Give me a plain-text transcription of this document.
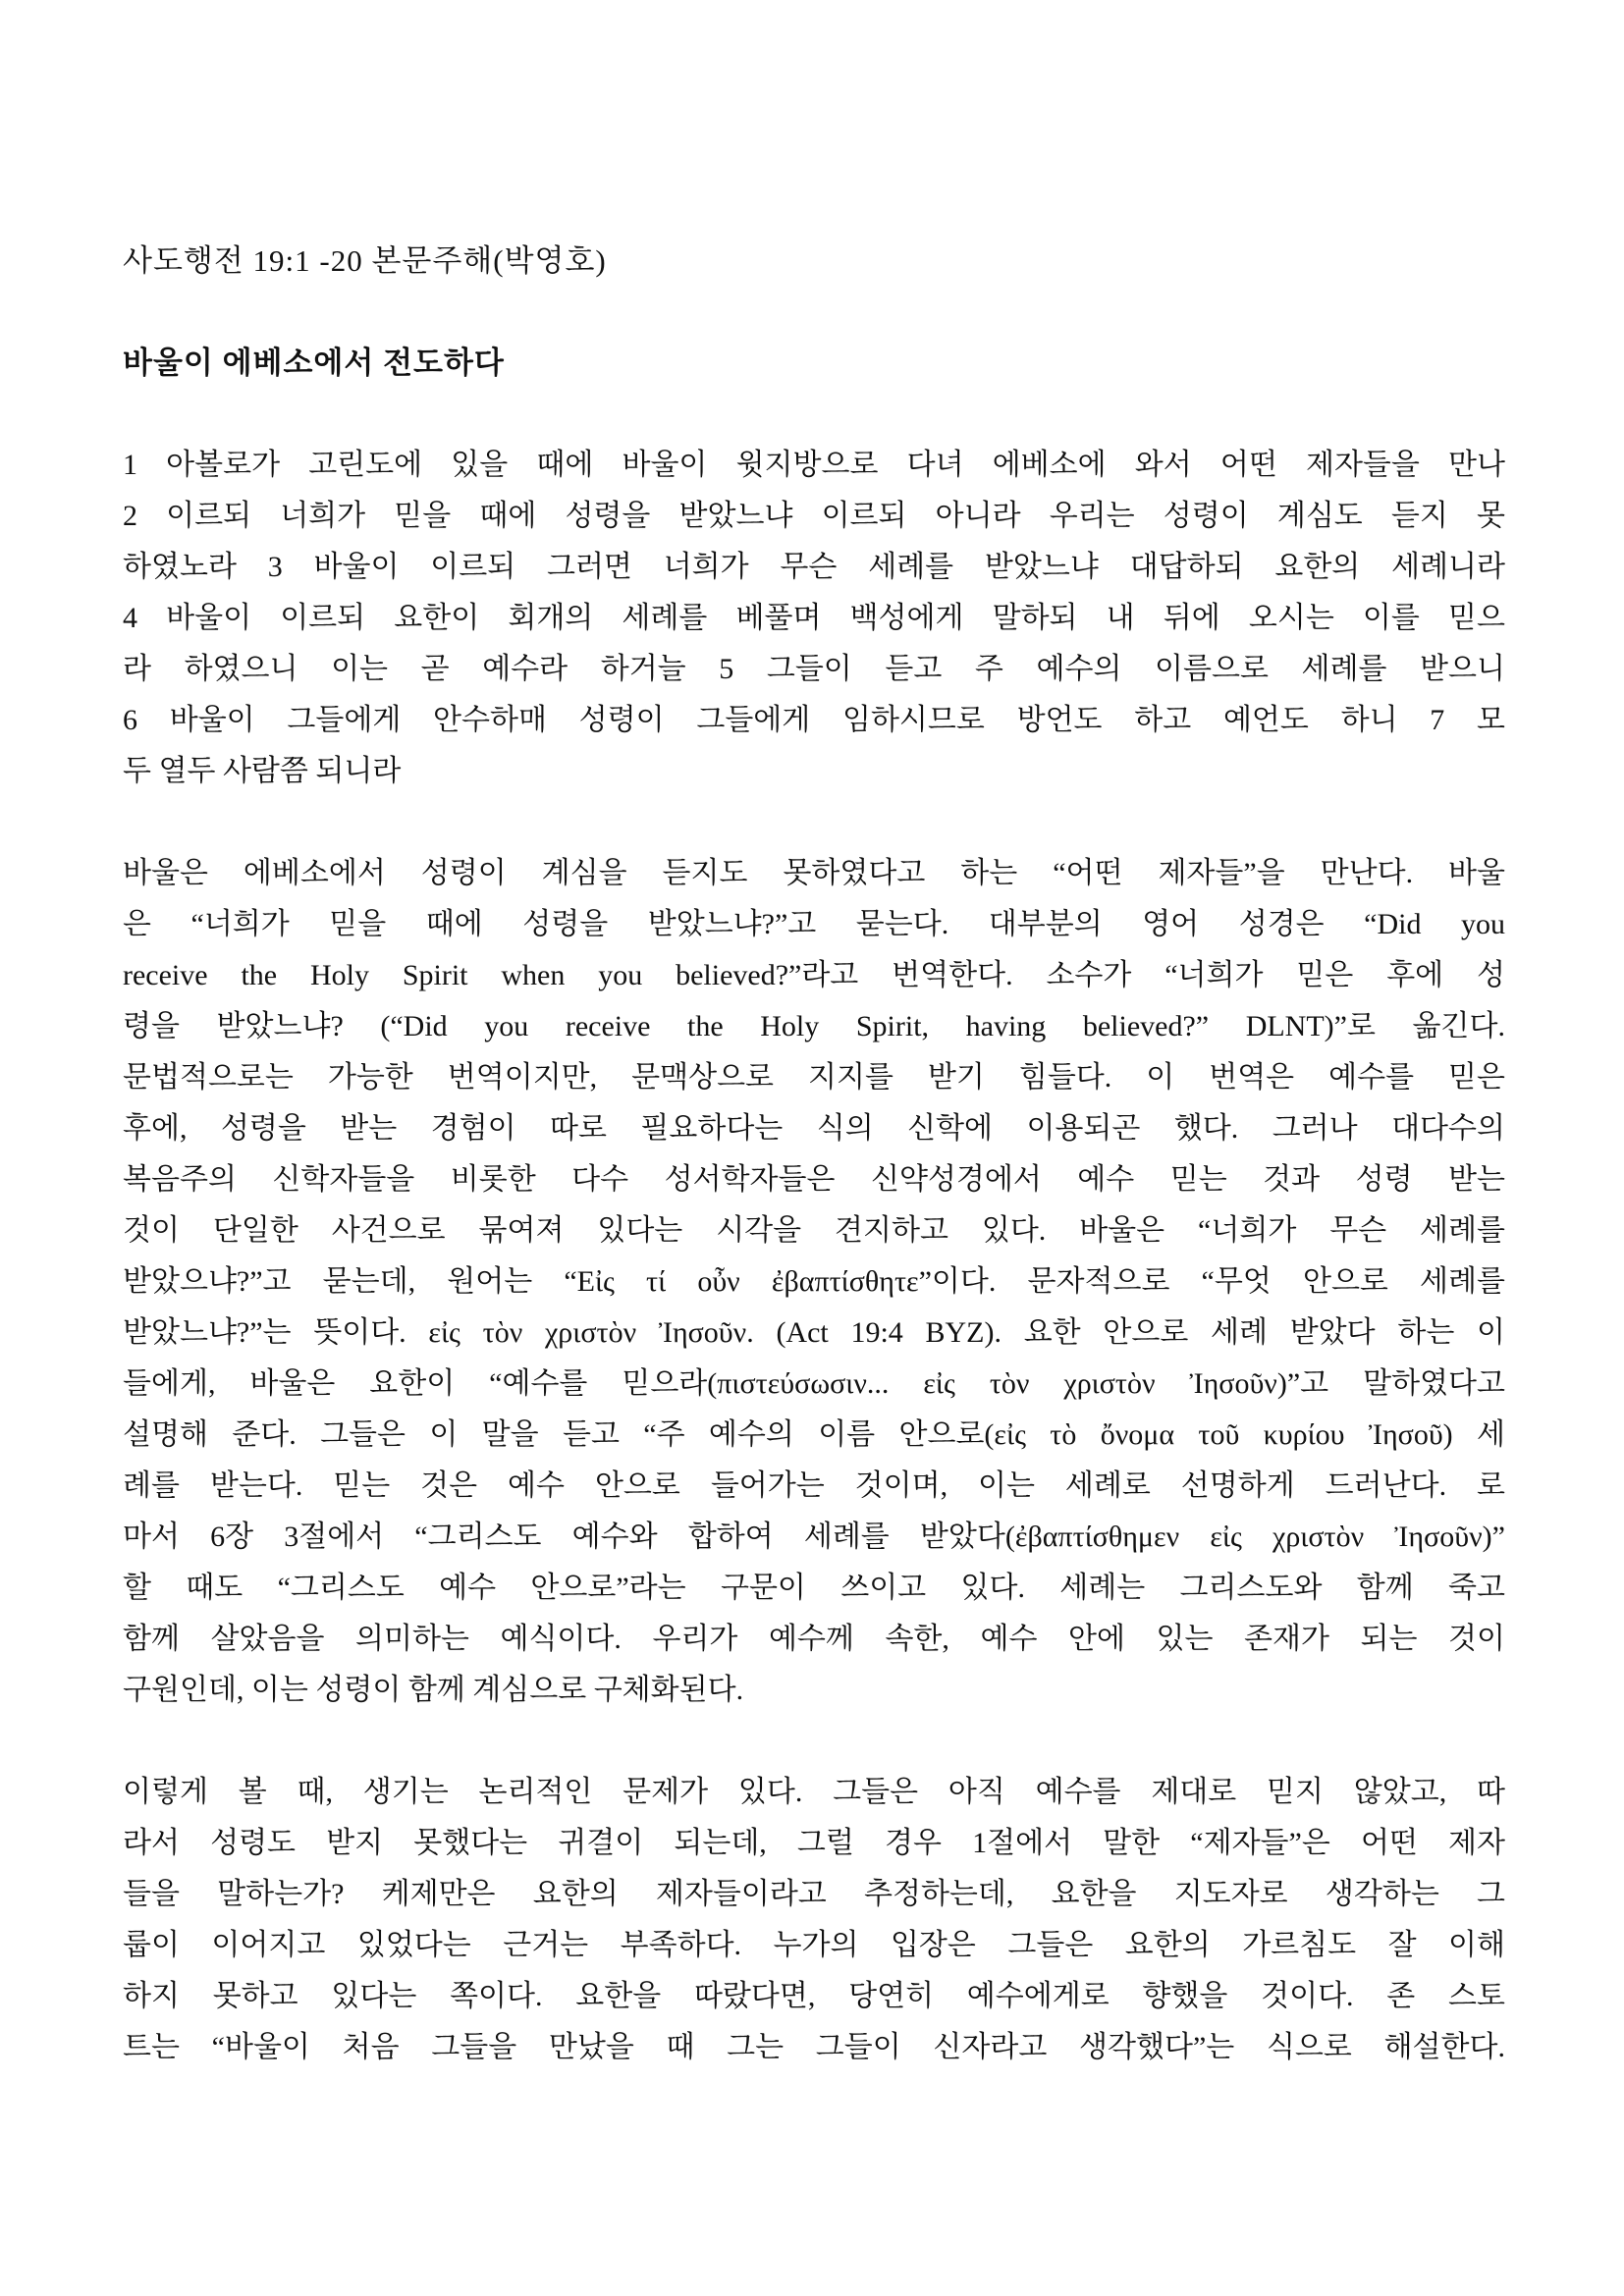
사도행전 19:1 -20 본문주해(박영호)
바울이 에베소에서 전도하다
1 아볼로가 고린도에 있을 때에 바울이 윗지방으로 다녀 에베소에 와서 어떤 제자들을 만나
2 이르되 너희가 믿을 때에 성령을 받았느냐 이르되 아니라 우리는 성령이 계심도 듣지 못
하였노라 3 바울이 이르되 그러면 너희가 무슨 세례를 받았느냐 대답하되 요한의 세례니라
4 바울이 이르되 요한이 회개의 세례를 베풀며 백성에게 말하되 내 뒤에 오시는 이를 믿으
라 하였으니 이는 곧 예수라 하거늘 5 그들이 듣고 주 예수의 이름으로 세례를 받으니
6 바울이 그들에게 안수하매 성령이 그들에게 임하시므로 방언도 하고 예언도 하니 7 모
두 열두 사람쯤 되니라
바울은 에베소에서 성령이 계심을 듣지도 못하였다고 하는 “어떤 제자들”을 만난다. 바울
은 “너희가 믿을 때에 성령을 받았느냐?”고 묻는다. 대부분의 영어 성경은 “Did you
receive the Holy Spirit when you believed?”라고 번역한다. 소수가 “너희가 믿은 후에 성
령을 받았느냐? (“Did you receive the Holy Spirit, having believed?” DLNT)”로 옮긴다.
문법적으로는 가능한 번역이지만, 문맥상으로 지지를 받기 힘들다. 이 번역은 예수를 믿은
후에, 성령을 받는 경험이 따로 필요하다는 식의 신학에 이용되곤 했다. 그러나 대다수의
복음주의 신학자들을 비롯한 다수 성서학자들은 신약성경에서 예수 믿는 것과 성령 받는
것이 단일한 사건으로 묶여져 있다는 시각을 견지하고 있다. 바울은 “너희가 무슨 세례를
받았으냐?”고 묻는데, 원어는 “Εἰς τί οὖν ἐβαπτίσθητε”이다. 문자적으로 “무엇 안으로 세례를
받았느냐?”는 뜻이다. εἰς τὸν χριστὸν Ἰησοῦν. (Act 19:4 BYZ). 요한 안으로 세례 받았다 하는 이
들에게, 바울은 요한이 “예수를 믿으라(πιστεύσωσιν... εἰς τὸν χριστὸν Ἰησοῦν)”고 말하였다고
설명해 준다. 그들은 이 말을 듣고 “주 예수의 이름 안으로(εἰς τὸ ὄνομα τοῦ κυρίου Ἰησοῦ) 세
례를 받는다. 믿는 것은 예수 안으로 들어가는 것이며, 이는 세례로 선명하게 드러난다. 로
마서 6장 3절에서 “그리스도 예수와 합하여 세례를 받았다(ἐβαπτίσθημεν εἰς χριστὸν Ἰησοῦν)”
할 때도 “그리스도 예수 안으로”라는 구문이 쓰이고 있다. 세례는 그리스도와 함께 죽고
함께 살았음을 의미하는 예식이다. 우리가 예수께 속한, 예수 안에 있는 존재가 되는 것이
구원인데, 이는 성령이 함께 계심으로 구체화된다.
이렇게 볼 때, 생기는 논리적인 문제가 있다. 그들은 아직 예수를 제대로 믿지 않았고, 따
라서 성령도 받지 못했다는 귀결이 되는데, 그럴 경우 1절에서 말한 “제자들”은 어떤 제자
들을 말하는가? 케제만은 요한의 제자들이라고 추정하는데, 요한을 지도자로 생각하는 그
룹이 이어지고 있었다는 근거는 부족하다. 누가의 입장은 그들은 요한의 가르침도 잘 이해
하지 못하고 있다는 쪽이다. 요한을 따랐다면, 당연히 예수에게로 향했을 것이다. 존 스토
트는 “바울이 처음 그들을 만났을 때 그는 그들이 신자라고 생각했다”는 식으로 해설한다.
